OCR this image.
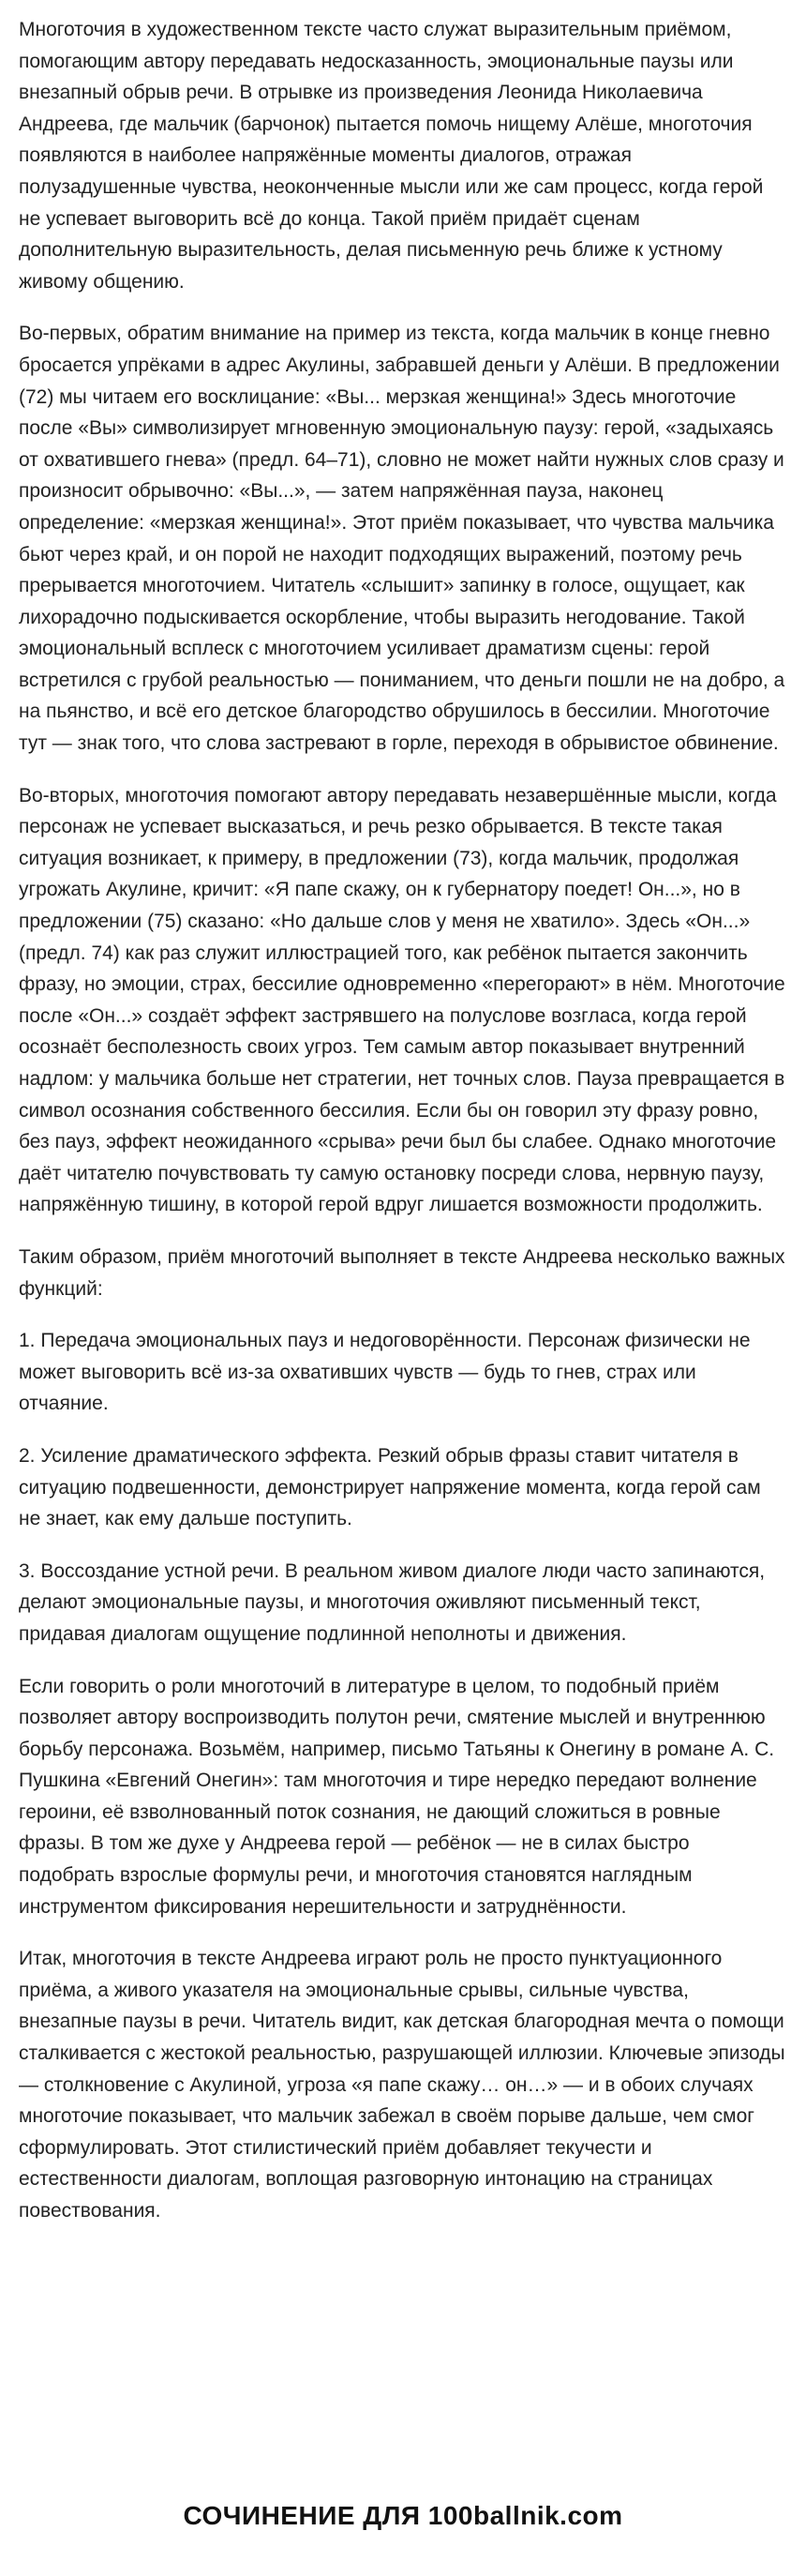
Многоточия в художественном тексте часто служат выразительным приёмом, помогающим автору передавать недосказанность, эмоциональные паузы или внезапный обрыв речи. В отрывке из произведения Леонида Николаевича Андреева, где мальчик (барчонок) пытается помочь нищему Алёше, многоточия появляются в наиболее напряжённые моменты диалогов, отражая полузадушенные чувства, неоконченные мысли или же сам процесс, когда герой не успевает выговорить всё до конца. Такой приём придаёт сценам дополнительную выразительность, делая письменную речь ближе к устному живому общению.

Во-первых, обратим внимание на пример из текста, когда мальчик в конце гневно бросается упрёками в адрес Акулины, забравшей деньги у Алёши. В предложении (72) мы читаем его восклицание: «Вы... мерзкая женщина!» Здесь многоточие после «Вы» символизирует мгновенную эмоциональную паузу: герой, «задыхаясь от охватившего гнева» (предл. 64–71), словно не может найти нужных слов сразу и произносит обрывочно: «Вы...», — затем напряжённая пауза, наконец определение: «мерзкая женщина!». Этот приём показывает, что чувства мальчика бьют через край, и он порой не находит подходящих выражений, поэтому речь прерывается многоточием. Читатель «слышит» запинку в голосе, ощущает, как лихорадочно подыскивается оскорбление, чтобы выразить негодование. Такой эмоциональный всплеск с многоточием усиливает драматизм сцены: герой встретился с грубой реальностью — пониманием, что деньги пошли не на добро, а на пьянство, и всё его детское благородство обрушилось в бессилии. Многоточие тут — знак того, что слова застревают в горле, переходя в обрывистое обвинение.

Во-вторых, многоточия помогают автору передавать незавершённые мысли, когда персонаж не успевает высказаться, и речь резко обрывается. В тексте такая ситуация возникает, к примеру, в предложении (73), когда мальчик, продолжая угрожать Акулине, кричит: «Я папе скажу, он к губернатору поедет! Он...», но в предложении (75) сказано: «Но дальше слов у меня не хватило». Здесь «Он...» (предл. 74) как раз служит иллюстрацией того, как ребёнок пытается закончить фразу, но эмоции, страх, бессилие одновременно «перегорают» в нём. Многоточие после «Он...» создаёт эффект застрявшего на полуслове возгласа, когда герой осознаёт бесполезность своих угроз. Тем самым автор показывает внутренний надлом: у мальчика больше нет стратегии, нет точных слов. Пауза превращается в символ осознания собственного бессилия. Если бы он говорил эту фразу ровно, без пауз, эффект неожиданного «срыва» речи был бы слабее. Однако многоточие даёт читателю почувствовать ту самую остановку посреди слова, нервную паузу, напряжённую тишину, в которой герой вдруг лишается возможности продолжить.

Таким образом, приём многоточий выполняет в тексте Андреева несколько важных функций:

1. Передача эмоциональных пауз и недоговорённости. Персонаж физически не может выговорить всё из-за охвативших чувств — будь то гнев, страх или отчаяние.

2. Усиление драматического эффекта. Резкий обрыв фразы ставит читателя в ситуацию подвешенности, демонстрирует напряжение момента, когда герой сам не знает, как ему дальше поступить.

3. Воссоздание устной речи. В реальном живом диалоге люди часто запинаются, делают эмоциональные паузы, и многоточия оживляют письменный текст, придавая диалогам ощущение подлинной неполноты и движения.

Если говорить о роли многоточий в литературе в целом, то подобный приём позволяет автору воспроизводить полутон речи, смятение мыслей и внутреннюю борьбу персонажа. Возьмём, например, письмо Татьяны к Онегину в романе А. С. Пушкина «Евгений Онегин»: там многоточия и тире нередко передают волнение героини, её взволнованный поток сознания, не дающий сложиться в ровные фразы. В том же духе у Андреева герой — ребёнок — не в силах быстро подобрать взрослые формулы речи, и многоточия становятся наглядным инструментом фиксирования нерешительности и затруднённости.

Итак, многоточия в тексте Андреева играют роль не просто пунктуационного приёма, а живого указателя на эмоциональные срывы, сильные чувства, внезапные паузы в речи. Читатель видит, как детская благородная мечта о помощи сталкивается с жестокой реальностью, разрушающей иллюзии. Ключевые эпизоды — столкновение с Акулиной, угроза «я папе скажу… он…» — и в обоих случаях многоточие показывает, что мальчик забежал в своём порыве дальше, чем смог сформулировать. Этот стилистический приём добавляет текучести и естественности диалогам, воплощая разговорную интонацию на страницах повествования.

СОЧИНЕНИЕ ДЛЯ 100ballnik.com
